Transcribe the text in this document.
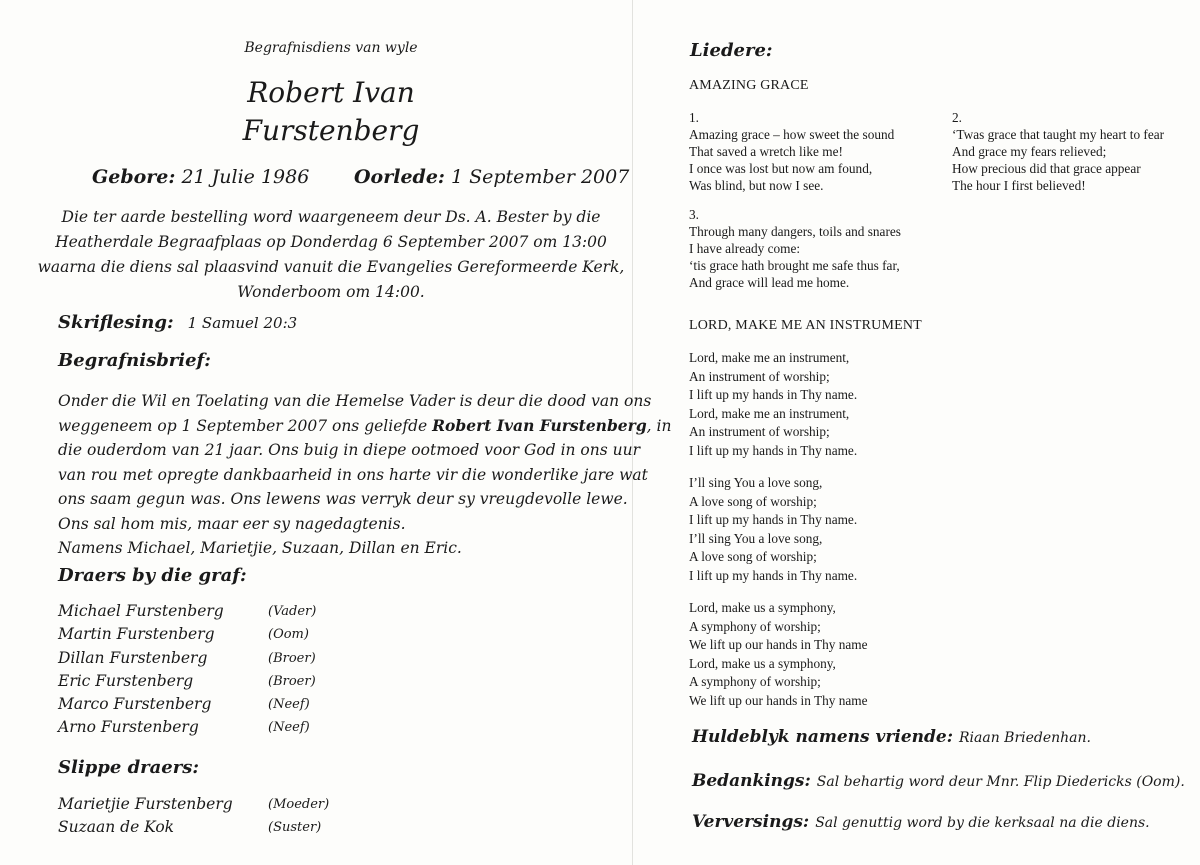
Begrafnisdiens van wyle
Robert Ivan
Furstenberg
Gebore: 21 Julie 1986 Oorlede: 1 September 2007
Die ter aarde bestelling word waargeneem deur Ds. A. Bester by die
Heatherdale Begraafplaas op Donderdag 6 September 2007 om 13:00
waarna die diens sal plaasvind vanuit die Evangelies Gereformeerde Kerk,
Wonderboom om 14:00.
Skriflesing: 1 Samuel 20:3
Begrafnisbrief:
Onder die Wil en Toelating van die Hemelse Vader is deur die dood van ons
weggeneem op 1 September 2007 ons geliefde Robert Ivan Furstenberg, in
die ouderdom van 21 jaar. Ons buig in diepe ootmoed voor God in ons uur
van rou met opregte dankbaarheid in ons harte vir die wonderlike jare wat
ons saam gegun was. Ons lewens was verryk deur sy vreugdevolle lewe.
Ons sal hom mis, maar eer sy nagedagtenis.
Namens Michael, Marietjie, Suzaan, Dillan en Eric.
Draers by die graf:
Michael Furstenberg	(Vader)
Martin Furstenberg	(Oom)
Dillan Furstenberg	(Broer)
Eric Furstenberg	(Broer)
Marco Furstenberg	(Neef)
Arno Furstenberg	(Neef)
Slippe draers:
Marietjie Furstenberg	(Moeder)
Suzaan de Kok	(Suster)
Liedere:
AMAZING GRACE
1.
Amazing grace – how sweet the sound
That saved a wretch like me!
I once was lost but now am found,
Was blind, but now I see.
2.
‘Twas grace that taught my heart to fear
And grace my fears relieved;
How precious did that grace appear
The hour I first believed!
3.
Through many dangers, toils and snares
I have already come:
‘tis grace hath brought me safe thus far,
And grace will lead me home.
LORD, MAKE ME AN INSTRUMENT
Lord, make me an instrument,
An instrument of worship;
I lift up my hands in Thy name.
Lord, make me an instrument,
An instrument of worship;
I lift up my hands in Thy name.
I’ll sing You a love song,
A love song of worship;
I lift up my hands in Thy name.
I’ll sing You a love song,
A love song of worship;
I lift up my hands in Thy name.
Lord, make us a symphony,
A symphony of worship;
We lift up our hands in Thy name
Lord, make us a symphony,
A symphony of worship;
We lift up our hands in Thy name
Huldeblyk namens vriende: Riaan Briedenhan.
Bedankings: Sal behartig word deur Mnr. Flip Diedericks (Oom).
Verversings: Sal genuttig word by die kerksaal na die diens.
